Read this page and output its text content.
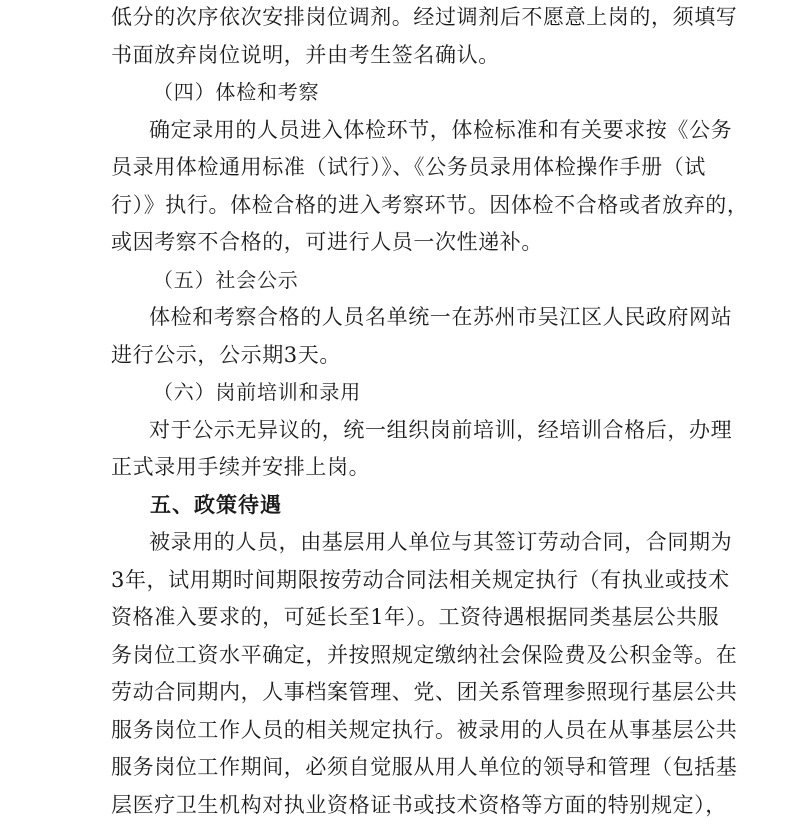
低分的次序依次安排岗位调剂。经过调剂后不愿意上岗的，须填写
书面放弃岗位说明，并由考生签名确认。
（四）体检和考察
确定录用的人员进入体检环节，体检标准和有关要求按《公务
员录用体检通用标准（试行）》、《公务员录用体检操作手册（试
行）》执行。体检合格的进入考察环节。因体检不合格或者放弃的，
或因考察不合格的，可进行人员一次性递补。
（五）社会公示
体检和考察合格的人员名单统一在苏州市吴江区人民政府网站
进行公示，公示期3天。
（六）岗前培训和录用
对于公示无异议的，统一组织岗前培训，经培训合格后，办理
正式录用手续并安排上岗。
五、政策待遇
被录用的人员，由基层用人单位与其签订劳动合同，合同期为
3年，试用期时间期限按劳动合同法相关规定执行（有执业或技术
资格准入要求的，可延长至1年）。工资待遇根据同类基层公共服
务岗位工资水平确定，并按照规定缴纳社会保险费及公积金等。在
劳动合同期内，人事档案管理、党、团关系管理参照现行基层公共
服务岗位工作人员的相关规定执行。被录用的人员在从事基层公共
服务岗位工作期间，必须自觉服从用人单位的领导和管理（包括基
层医疗卫生机构对执业资格证书或技术资格等方面的特别规定），
